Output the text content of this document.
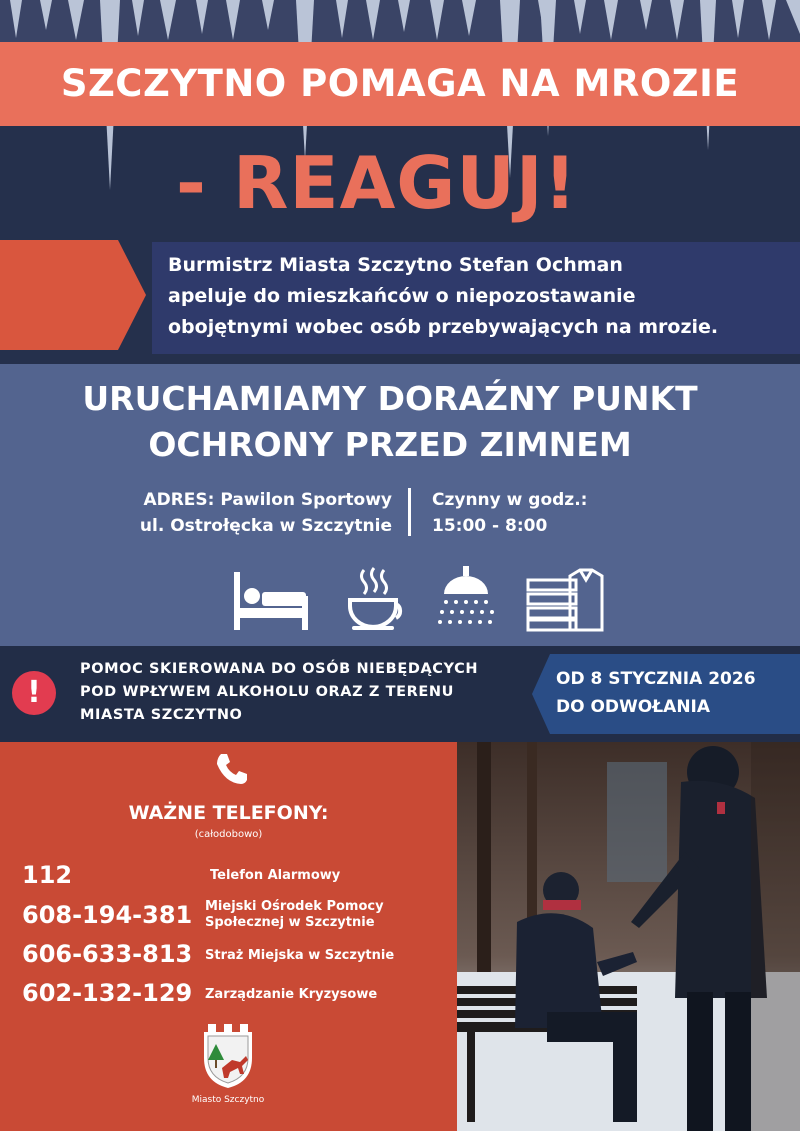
SZCZYTNO POMAGA NA MROZIE
- REAGUJ!
Burmistrz Miasta Szczytno Stefan Ochman
apeluje do mieszkańców o niepozostawanie
obojętnymi wobec osób przebywających na mrozie.
URUCHAMIAMY DORAŹNY PUNKT
OCHRONY PRZED ZIMNEM
ADRES: Pawilon Sportowy
ul. Ostrołęcka w Szczytnie
Czynny w godz.:
15:00 - 8:00
!
POMOC SKIEROWANA DO OSÓB NIEBĘDĄCYCH
POD WPŁYWEM ALKOHOLU ORAZ Z TERENU
MIASTA SZCZYTNO
OD 8 STYCZNIA 2026
DO ODWOŁANIA
WAŻNE TELEFONY:
(całodobowo)
112	Telefon Alarmowy
608-194-381 Miejski Ośrodek Pomocy
Społecznej w Szczytnie
606-633-813 Straż Miejska w Szczytnie
602-132-129 Zarządzanie Kryzysowe
Miasto Szczytno
